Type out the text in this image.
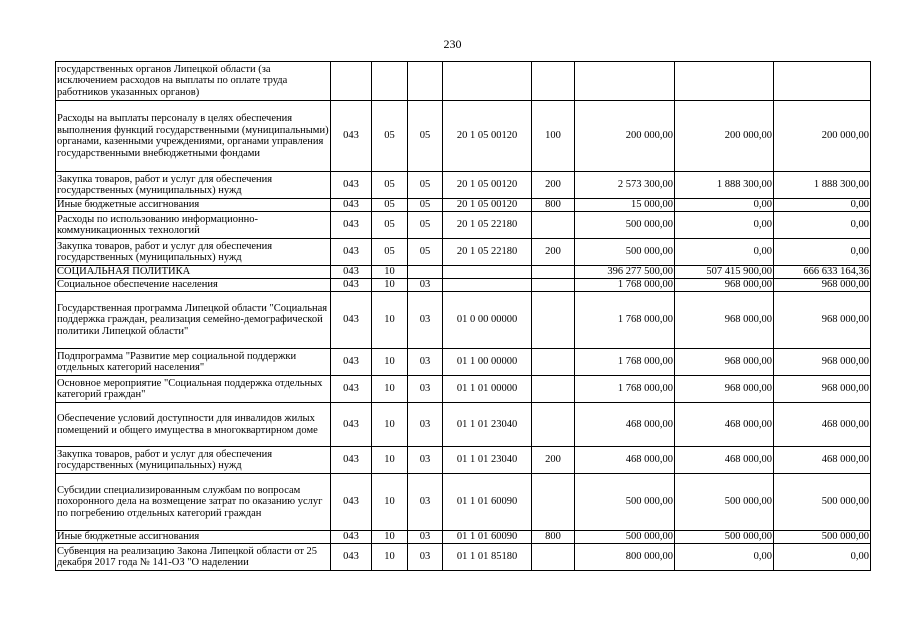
230
государственных органов Липецкой области (за исключением расходов на выплаты по оплате труда работников указанных органов)								
Расходы на выплаты персоналу в целях обеспечения выполнения функций государственными (муниципальными) органами, казенными учреждениями, органами управления государственными внебюджетными фондами	043	05	05	20 1 05 00120	100	200 000,00	200 000,00	200 000,00
Закупка товаров, работ и услуг для обеспечения государственных (муниципальных) нужд	043	05	05	20 1 05 00120	200	2 573 300,00	1 888 300,00	1 888 300,00
Иные бюджетные ассигнования	043	05	05	20 1 05 00120	800	15 000,00	0,00	0,00
Расходы по использованию информационно-коммуникационных технологий	043	05	05	20 1 05 22180		500 000,00	0,00	0,00
Закупка товаров, работ и услуг для обеспечения государственных (муниципальных) нужд	043	05	05	20 1 05 22180	200	500 000,00	0,00	0,00
СОЦИАЛЬНАЯ ПОЛИТИКА	043	10				396 277 500,00	507 415 900,00	666 633 164,36
Социальное обеспечение населения	043	10	03			1 768 000,00	968 000,00	968 000,00
Государственная программа Липецкой области "Социальная поддержка граждан, реализация семейно-демографической политики Липецкой области"	043	10	03	01 0 00 00000		1 768 000,00	968 000,00	968 000,00
Подпрограмма "Развитие мер социальной поддержки отдельных категорий населения"	043	10	03	01 1 00 00000		1 768 000,00	968 000,00	968 000,00
Основное мероприятие "Социальная поддержка отдельных категорий граждан"	043	10	03	01 1 01 00000		1 768 000,00	968 000,00	968 000,00
Обеспечение условий доступности для инвалидов жилых помещений и общего имущества в многоквартирном доме	043	10	03	01 1 01 23040		468 000,00	468 000,00	468 000,00
Закупка товаров, работ и услуг для обеспечения государственных (муниципальных) нужд	043	10	03	01 1 01 23040	200	468 000,00	468 000,00	468 000,00
Субсидии специализированным службам по вопросам похоронного дела на возмещение затрат по оказанию услуг по погребению отдельных категорий граждан	043	10	03	01 1 01 60090		500 000,00	500 000,00	500 000,00
Иные бюджетные ассигнования	043	10	03	01 1 01 60090	800	500 000,00	500 000,00	500 000,00
Субвенция на реализацию Закона Липецкой области от 25 декабря 2017 года № 141-ОЗ "О наделении	043	10	03	01 1 01 85180		800 000,00	0,00	0,00
